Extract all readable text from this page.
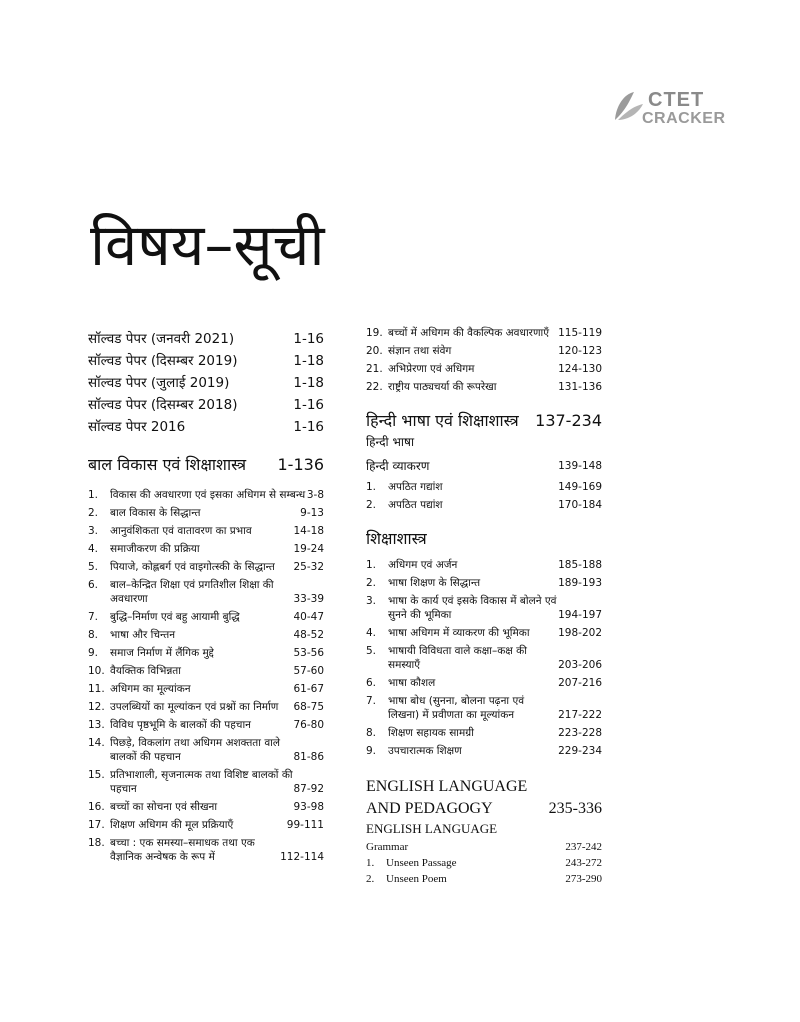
CTET
CRACKER
विषय–सूची
सॉल्वड पेपर (जनवरी 2021)	1-16
सॉल्वड पेपर (दिसम्बर 2019)	1-18
सॉल्वड पेपर (जुलाई 2019)	1-18
सॉल्वड पेपर (दिसम्बर 2018)	1-16
सॉल्वड पेपर 2016	1-16
बाल विकास एवं शिक्षाशास्त्र 1-136
1.	विकास की अवधारणा एवं इसका अधिगम से सम्बन्ध 3-8
2.	बाल विकास के सिद्धान्त	9-13
3.	आनुवंशिकता एवं वातावरण का प्रभाव	14-18
4.	समाजीकरण की प्रक्रिया	19-24
5.	पियाजे, कोह्लबर्ग एवं वाइगोत्स्की के सिद्धान्त	25-32
6.	बाल–केन्द्रित शिक्षा एवं प्रगतिशील शिक्षा की अवधारणा	33-39
7.	बुद्धि–निर्माण एवं बहु आयामी बुद्धि	40-47
8.	भाषा और चिन्तन	48-52
9.	समाज निर्माण में लैंगिक मुद्दे	53-56
10. वैयक्तिक विभिन्नता	57-60
11. अधिगम का मूल्यांकन	61-67
12. उपलब्धियों का मूल्यांकन एवं प्रश्नों का निर्माण	68-75
13. विविध पृष्ठभूमि के बालकों की पहचान	76-80
14. पिछड़े, विकलांग तथा अधिगम अशक्तता वाले बालकों की पहचान	81-86
15. प्रतिभाशाली, सृजनात्मक तथा विशिष्ट बालकों की पहचान	87-92
16. बच्चों का सोचना एवं सीखना	93-98
17. शिक्षण अधिगम की मूल प्रक्रियाएँ	99-111
18. बच्चा : एक समस्या–समाधक तथा एक वैज्ञानिक अन्वेषक के रूप में	112-114
19. बच्चों में अधिगम की वैकल्पिक अवधारणाएँ 115-119
20. संज्ञान तथा संवेग	120-123
21. अभिप्रेरणा एवं अधिगम	124-130
22. राष्ट्रीय पाठ्यचर्या की रूपरेखा	131-136
हिन्दी भाषा एवं शिक्षाशास्त्र 137-234
हिन्दी भाषा
हिन्दी व्याकरण	139-148
1.	अपठित गद्यांश	149-169
2.	अपठित पद्यांश	170-184
शिक्षाशास्त्र
1.	अधिगम एवं अर्जन	185-188
2.	भाषा शिक्षण के सिद्धान्त	189-193
3.	भाषा के कार्य एवं इसके विकास में बोलने एवं सुनने की भूमिका	194-197
4.	भाषा अधिगम में व्याकरण की भूमिका	198-202
5.	भाषायी विविधता वाले कक्षा–कक्ष की समस्याएँ	203-206
6.	भाषा कौशल	207-216
7.	भाषा बोध (सुनना, बोलना पढ़ना एवं लिखना) में प्रवीणता का मूल्यांकन	217-222
8.	शिक्षण सहायक सामग्री	223-228
9.	उपचारात्मक शिक्षण	229-234
ENGLISH LANGUAGE
AND PEDAGOGY	235-336
ENGLISH LANGUAGE
Grammar	237-242
1.	Unseen Passage	243-272
2.	Unseen Poem	273-290
